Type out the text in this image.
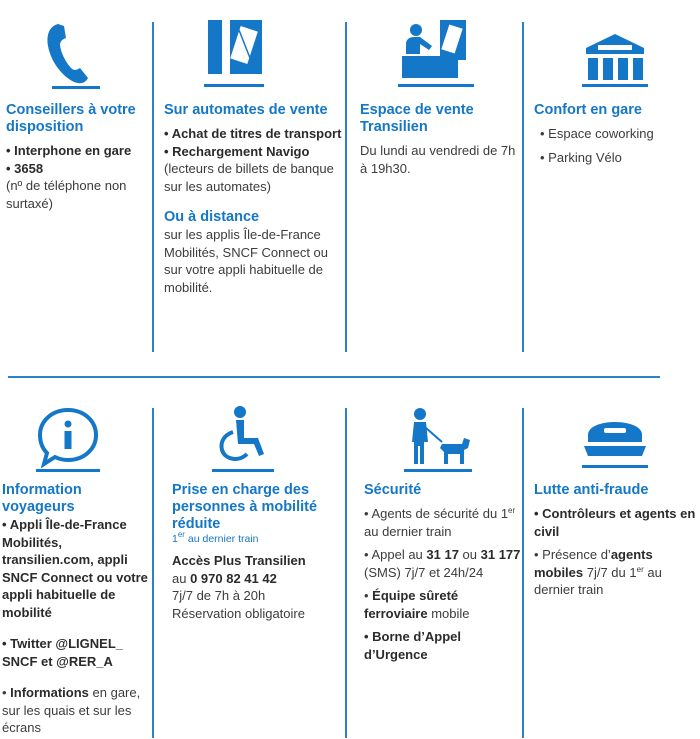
Conseillers à votre disposition
• Interphone en gare
• 3658
(nº de téléphone non surtaxé)
Sur automates de vente
• Achat de titres de transport
• Rechargement Navigo
(lecteurs de billets de banque sur les automates)
Ou à distance
sur les applis Île-de-France Mobilités, SNCF Connect ou sur votre appli habituelle de mobilité.
Espace de vente Transilien
Du lundi au vendredi de 7h à 19h30.
Confort en gare
• Espace coworking
• Parking Vélo
Information voyageurs
• Appli Île-de-France Mobilités, transilien.com, appli SNCF Connect ou votre appli habituelle de mobilité
• Twitter @LIGNEL_ SNCF et @RER_A
• Informations en gare, sur les quais et sur les écrans
Prise en charge des personnes à mobilité réduite
1er au dernier train
Accès Plus Transilien
au 0 970 82 41 42
7j/7 de 7h à 20h
Réservation obligatoire
Sécurité
• Agents de sécurité du 1er au dernier train
• Appel au 31 17 ou 31 177 (SMS) 7j/7 et 24h/24
• Équipe sûreté ferroviaire mobile
• Borne d’Appel d’Urgence
Lutte anti-fraude
• Contrôleurs et agents en civil
• Présence d’agents mobiles 7j/7 du 1er au dernier train
